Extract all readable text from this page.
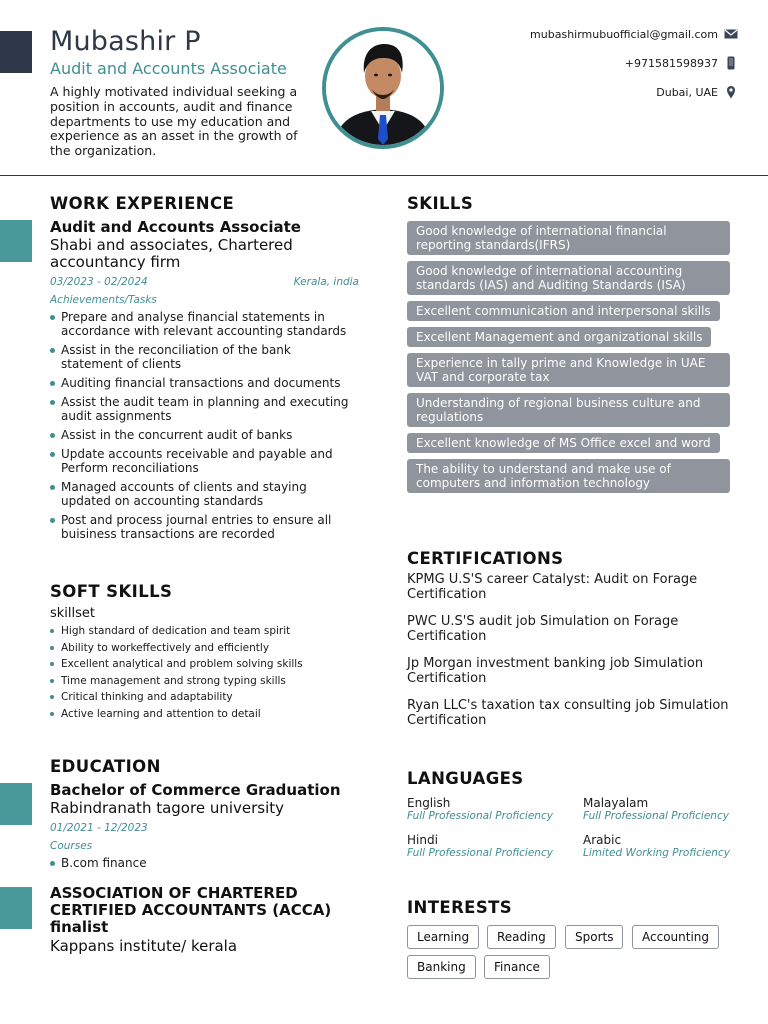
Mubashir P
Audit and Accounts Associate
A highly motivated individual seeking a position in accounts, audit and finance departments to use my education and experience as an asset in the growth of the organization.
mubashirmubuofficial@gmail.com
+971581598937
Dubai, UAE
WORK EXPERIENCE
Audit and Accounts Associate
Shabi and associates, Chartered accountancy firm
03/2023 - 02/2024	Kerala, india
Achievements/Tasks
Prepare and analyse financial statements in accordance with relevant accounting standards
Assist in the reconciliation of the bank statement of clients
Auditing financial transactions and documents
Assist the audit team in planning and executing audit assignments
Assist in the concurrent audit of banks
Update accounts receivable and payable and Perform reconciliations
Managed accounts of clients and staying updated on accounting standards
Post and process journal entries to ensure all buisiness transactions are recorded
SOFT SKILLS
skillset
High standard of dedication and team spirit
Ability to workeffectively and efficiently
Excellent analytical and problem solving skills
Time management and strong typing skills
Critical thinking and adaptability
Active learning and attention to detail
EDUCATION
Bachelor of Commerce Graduation
Rabindranath tagore university
01/2021 - 12/2023
Courses
B.com finance
ASSOCIATION OF CHARTERED CERTIFIED ACCOUNTANTS (ACCA) finalist
Kappans institute/ kerala
SKILLS
Good knowledge of international financial reporting standards(IFRS) Good knowledge of international accounting standards (IAS) and Auditing Standards (ISA) Excellent communication and interpersonal skills Excellent Management and organizational skills Experience in tally prime and Knowledge in UAE VAT and corporate tax Understanding of regional business culture and regulations Excellent knowledge of MS Office excel and word The ability to understand and make use of computers and information technology
CERTIFICATIONS
KPMG U.S'S career Catalyst: Audit on Forage Certification
PWC U.S'S audit job Simulation on Forage Certification
Jp Morgan investment banking job Simulation Certification
Ryan LLC's taxation tax consulting job Simulation Certification
LANGUAGES
English
Full Professional Proficiency
Malayalam
Full Professional Proficiency
Hindi
Full Professional Proficiency
Arabic
Limited Working Proficiency
INTERESTS
Learning	Reading	Sports	Accounting
Banking	Finance
